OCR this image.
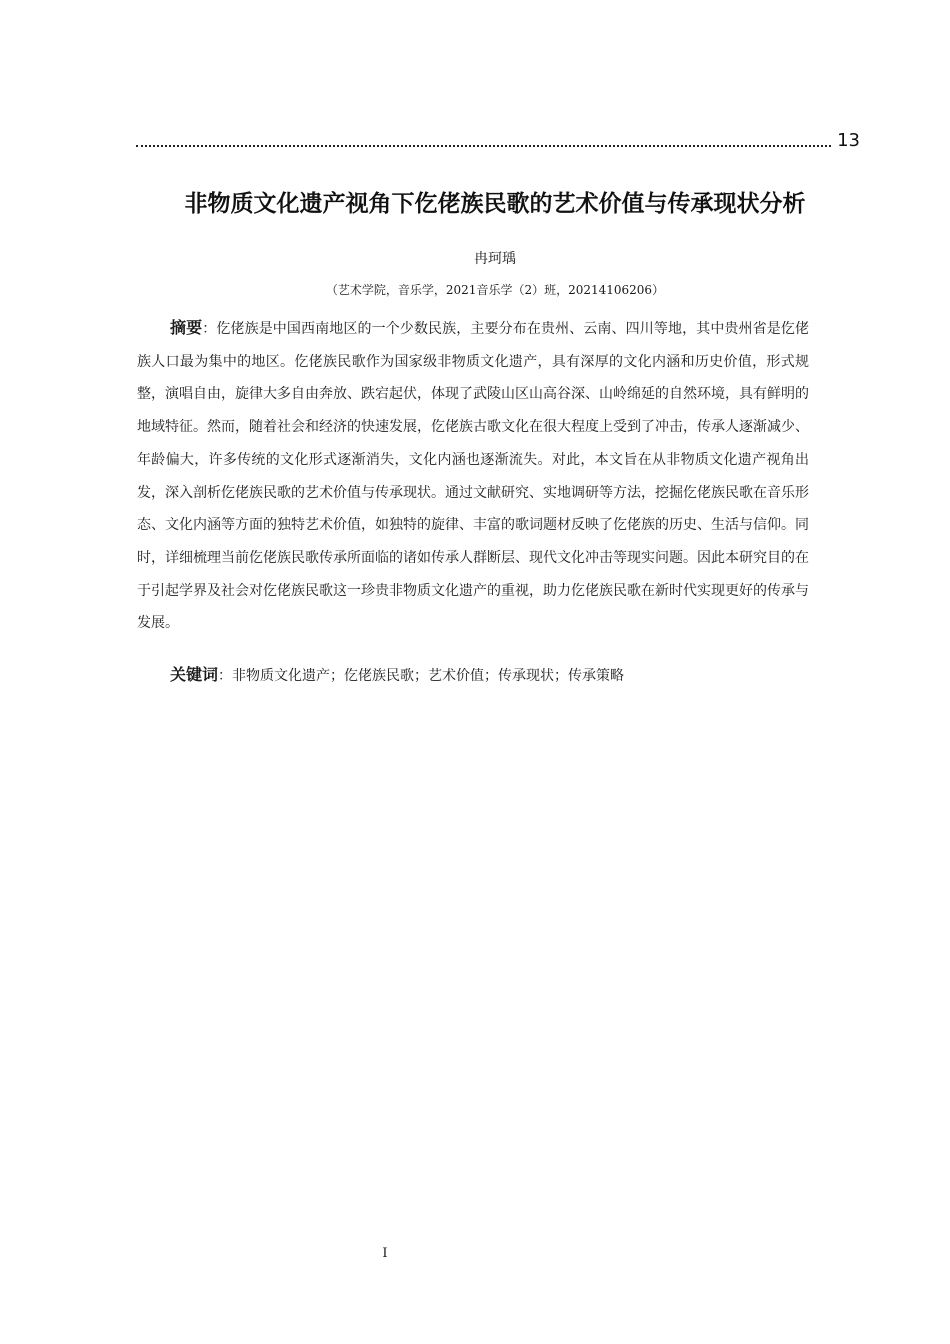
13
非物质文化遗产视角下仡佬族民歌的艺术价值与传承现状分析
冉珂瑀
（艺术学院，音乐学，2021音乐学（2）班，20214106206）

摘要：仡佬族是中国西南地区的一个少数民族，主要分布在贵州、云南、四川等地，其中贵州省是仡佬族人口最为集中的地区。仡佬族民歌作为国家级非物质文化遗产，具有深厚的文化内涵和历史价值，形式规整，演唱自由，旋律大多自由奔放、跌宕起伏，体现了武陵山区山高谷深、山岭绵延的自然环境，具有鲜明的地域特征。然而，随着社会和经济的快速发展，仡佬族古歌文化在很大程度上受到了冲击，传承人逐渐减少、年龄偏大，许多传统的文化形式逐渐消失，文化内涵也逐渐流失。对此，本文旨在从非物质文化遗产视角出发，深入剖析仡佬族民歌的艺术价值与传承现状。通过文献研究、实地调研等方法，挖掘仡佬族民歌在音乐形态、文化内涵等方面的独特艺术价值，如独特的旋律、丰富的歌词题材反映了仡佬族的历史、生活与信仰。同时，详细梳理当前仡佬族民歌传承所面临的诸如传承人群断层、现代文化冲击等现实问题。因此本研究目的在于引起学界及社会对仡佬族民歌这一珍贵非物质文化遗产的重视，助力仡佬族民歌在新时代实现更好的传承与发展。

关键词：非物质文化遗产；仡佬族民歌；艺术价值；传承现状；传承策略

I
